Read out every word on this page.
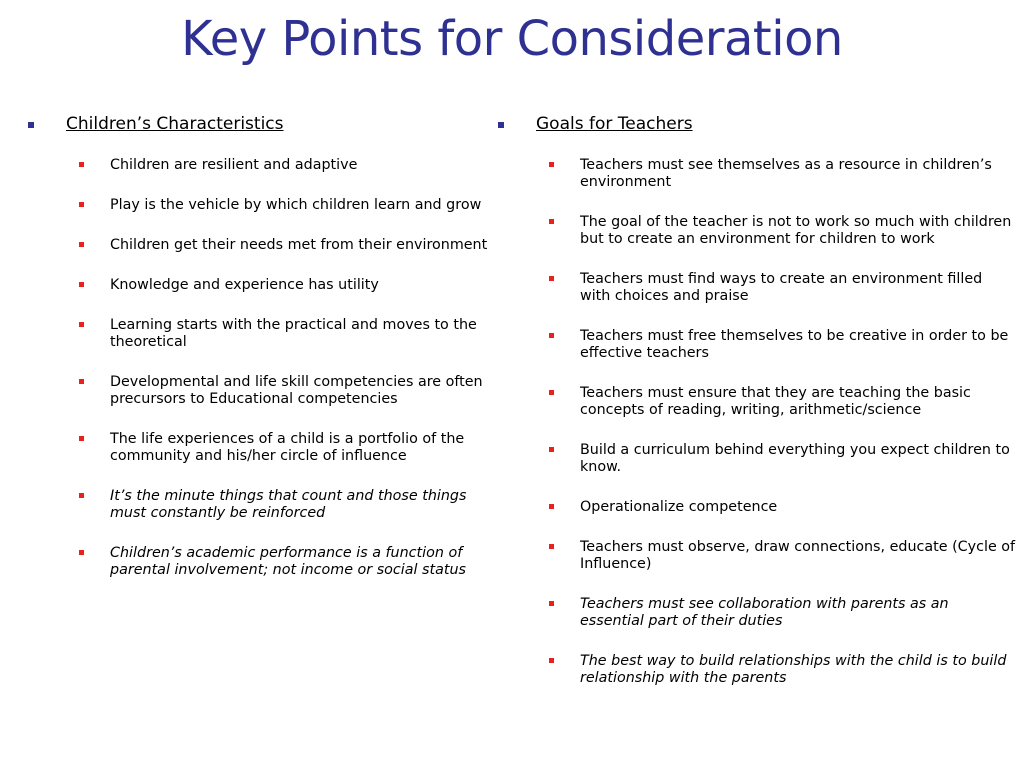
Key Points for Consideration
Children’s Characteristics
Children are resilient and adaptive
Play is the vehicle by which children learn and grow
Children get their needs met from their environment
Knowledge and experience has utility
Learning starts with the practical and moves to the theoretical
Developmental and life skill competencies are often precursors to Educational competencies
The life experiences of a child is a portfolio of the community and his/her circle of influence
It’s the minute things that count and those things must constantly be reinforced
Children’s academic performance is a function of parental involvement; not income or social status
Goals for Teachers
Teachers must see themselves as a resource in children’s environment
The goal of the teacher is not to work so much with children but to create an environment for children to work
Teachers must find ways to create an environment filled with choices and praise
Teachers must free themselves to be creative in order to be effective teachers
Teachers must ensure that they are teaching the basic concepts of reading, writing, arithmetic/science
Build a curriculum behind everything you expect children to know.
Operationalize competence
Teachers must observe, draw connections, educate (Cycle of Influence)
Teachers must see collaboration with parents as an essential part of their duties
The best way to build relationships with the child is to build relationship with the parents
